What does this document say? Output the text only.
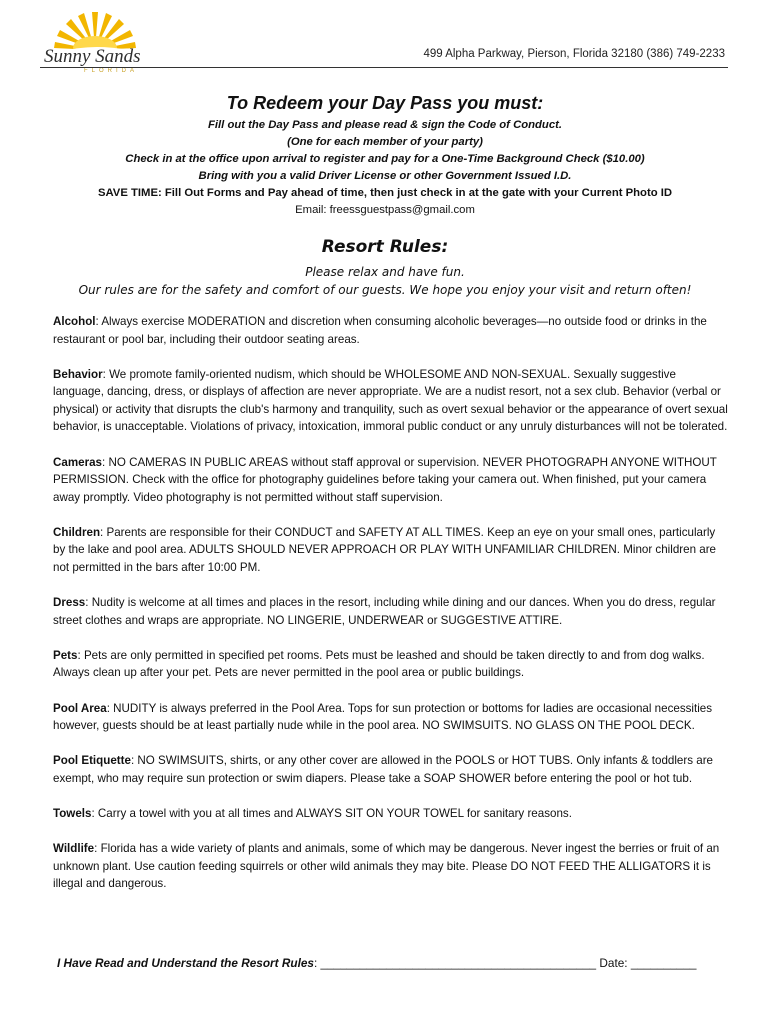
Sunny Sands
FLORIDA
499 Alpha Parkway, Pierson, Florida 32180 (386) 749-2233
To Redeem your Day Pass you must:
Fill out the Day Pass and please read & sign the Code of Conduct.
(One for each member of your party)
Check in at the office upon arrival to register and pay for a One-Time Background Check ($10.00)
Bring with you a valid Driver License or other Government Issued I.D.
SAVE TIME: Fill Out Forms and Pay ahead of time, then just check in at the gate with your Current Photo ID
Email: freessguestpass@gmail.com
Resort Rules:
Please relax and have fun.
Our rules are for the safety and comfort of our guests. We hope you enjoy your visit and return often!

Alcohol: Always exercise MODERATION and discretion when consuming alcoholic beverages—no outside food or drinks in the restaurant or pool bar, including their outdoor seating areas.

Behavior: We promote family-oriented nudism, which should be WHOLESOME AND NON-SEXUAL. Sexually suggestive language, dancing, dress, or displays of affection are never appropriate. We are a nudist resort, not a sex club. Behavior (verbal or physical) or activity that disrupts the club's harmony and tranquility, such as overt sexual behavior or the appearance of overt sexual behavior, is unacceptable. Violations of privacy, intoxication, immoral public conduct or any unruly disturbances will not be tolerated.

Cameras: NO CAMERAS IN PUBLIC AREAS without staff approval or supervision. NEVER PHOTOGRAPH ANYONE WITHOUT PERMISSION. Check with the office for photography guidelines before taking your camera out. When finished, put your camera away promptly. Video photography is not permitted without staff supervision.

Children: Parents are responsible for their CONDUCT and SAFETY AT ALL TIMES. Keep an eye on your small ones, particularly by the lake and pool area. ADULTS SHOULD NEVER APPROACH OR PLAY WITH UNFAMILIAR CHILDREN. Minor children are not permitted in the bars after 10:00 PM.

Dress: Nudity is welcome at all times and places in the resort, including while dining and our dances. When you do dress, regular street clothes and wraps are appropriate. NO LINGERIE, UNDERWEAR or SUGGESTIVE ATTIRE.

Pets: Pets are only permitted in specified pet rooms. Pets must be leashed and should be taken directly to and from dog walks. Always clean up after your pet. Pets are never permitted in the pool area or public buildings.

Pool Area: NUDITY is always preferred in the Pool Area. Tops for sun protection or bottoms for ladies are occasional necessities however, guests should be at least partially nude while in the pool area. NO SWIMSUITS. NO GLASS ON THE POOL DECK.

Pool Etiquette: NO SWIMSUITS, shirts, or any other cover are allowed in the POOLS or HOT TUBS. Only infants & toddlers are exempt, who may require sun protection or swim diapers. Please take a SOAP SHOWER before entering the pool or hot tub.

Towels: Carry a towel with you at all times and ALWAYS SIT ON YOUR TOWEL for sanitary reasons.

Wildlife: Florida has a wide variety of plants and animals, some of which may be dangerous. Never ingest the berries or fruit of an unknown plant. Use caution feeding squirrels or other wild animals they may bite. Please DO NOT FEED THE ALLIGATORS it is illegal and dangerous.

I Have Read and Understand the Resort Rules: __________________________________________ Date: __________
